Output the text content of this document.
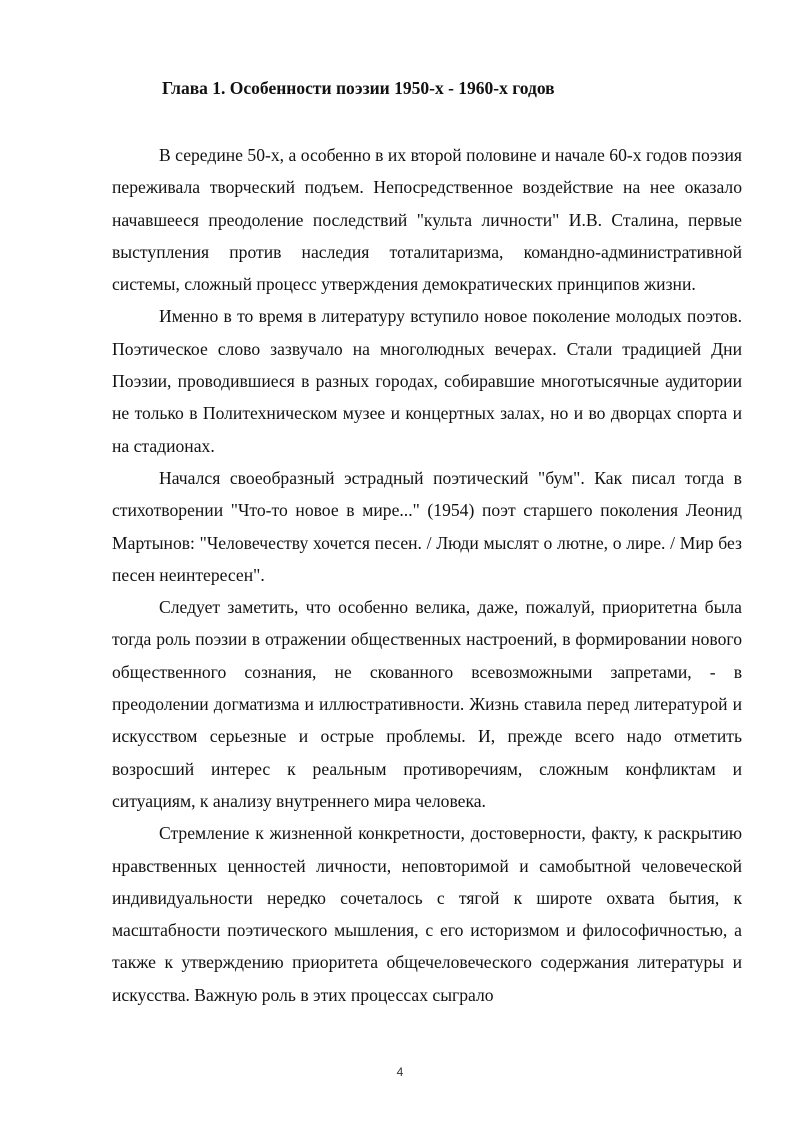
Глава 1. Особенности поэзии 1950-х - 1960-х годов

В середине 50-х, а особенно в их второй половине и начале 60-х годов поэзия переживала творческий подъем. Непосредственное воздействие на нее оказало начавшееся преодоление последствий "культа личности" И.В. Сталина, первые выступления против наследия тоталитаризма, командно-административной системы, сложный процесс утверждения демократических принципов жизни.

Именно в то время в литературу вступило новое поколение молодых поэтов. Поэтическое слово зазвучало на многолюдных вечерах. Стали традицией Дни Поэзии, проводившиеся в разных городах, собиравшие многотысячные аудитории не только в Политехническом музее и концертных залах, но и во дворцах спорта и на стадионах.

Начался своеобразный эстрадный поэтический "бум". Как писал тогда в стихотворении "Что-то новое в мире..." (1954) поэт старшего поколения Леонид Мартынов: "Человечеству хочется песен. / Люди мыслят о лютне, о лире. / Мир без песен неинтересен".

Следует заметить, что особенно велика, даже, пожалуй, приоритетна была тогда роль поэзии в отражении общественных настроений, в формировании нового общественного сознания, не скованного всевозможными запретами, - в преодолении догматизма и иллюстративности. Жизнь ставила перед литературой и искусством серьезные и острые проблемы. И, прежде всего надо отметить возросший интерес к реальным противоречиям, сложным конфликтам и ситуациям, к анализу внутреннего мира человека.

Стремление к жизненной конкретности, достоверности, факту, к раскрытию нравственных ценностей личности, неповторимой и самобытной человеческой индивидуальности нередко сочеталось с тягой к широте охвата бытия, к масштабности поэтического мышления, с его историзмом и философичностью, а также к утверждению приоритета общечеловеческого содержания литературы и искусства. Важную роль в этих процессах сыграло

4
